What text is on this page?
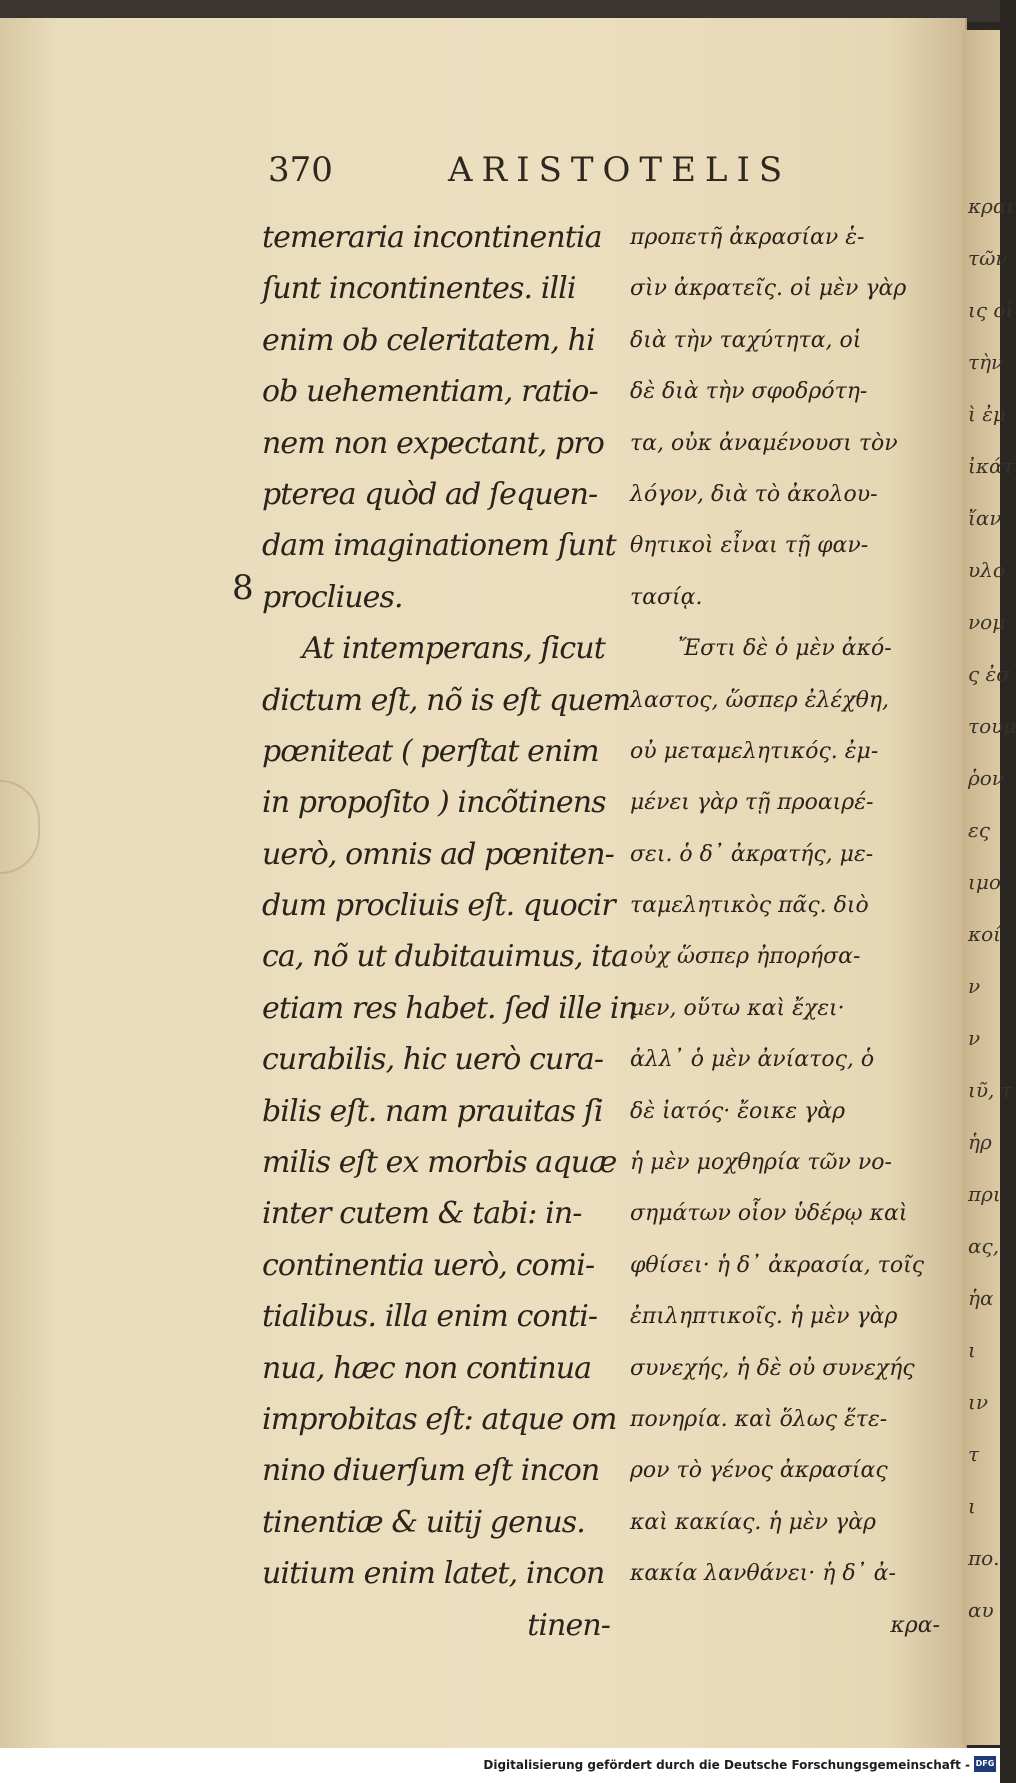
κραι
τῶν
ις οἱ
τὴν
ὶ ἐμ
ἰκάτ
ἴαν
υλο
νομ
ς ἐσ
τουμ
ῥον
ες
ιμο
κοί
ν
ν
ιῦ, τ
ἡρ
πρι
ας,
ἡα
ι
ιν
τ
ι
πο.
αυ
370	ARISTOTELIS
8
temeraria incontinentia
ſunt incontinentes. illi
enim ob celeritatem, hi
ob uehementiam, ratio-
nem non expectant, pro
pterea quòd ad ſequen-
dam imaginationem ſunt
procliues.
At intemperans, ſicut
dictum eſt, nõ is eſt quem
pœniteat ( perſtat enim
in propoſito ) incõtinens
uerò, omnis ad pœniten-
dum procliuis eſt. quocir
ca, nõ ut dubitauimus, ita
etiam res habet. ſed ille in
curabilis, hic uerò cura-
bilis eſt. nam prauitas ſi
milis eſt ex morbis aquæ
inter cutem & tabi: in-
continentia uerò, comi-
tialibus. illa enim conti-
nua, hæc non continua
improbitas eſt: atque om
nino diuerſum eſt incon
tinentiæ & uitij genus.
uitium enim latet, incon
tinen-
προπετῆ ἀκρασίαν ἑ-
σὶν ἀκρατεῖς. οἱ μὲν γὰρ
διὰ τὴν ταχύτητα, οἱ
δὲ διὰ τὴν σφοδρότη-
τα, οὐκ ἀναμένουσι τὸν
λόγον, διὰ τὸ ἀκολου-
θητικοὶ εἶναι τῇ φαν-
τασίᾳ.
Ἔστι δὲ ὁ μὲν ἀκό-
λαστος, ὥσπερ ἐλέχθη,
οὐ μεταμελητικός. ἐμ-
μένει γὰρ τῇ προαιρέ-
σει. ὁ δ᾽ ἀκρατής, με-
ταμελητικὸς πᾶς. διὸ
οὐχ ὥσπερ ἠπορήσα-
μεν, οὕτω καὶ ἔχει·
ἀλλ᾽ ὁ μὲν ἀνίατος, ὁ
δὲ ἰατός· ἔοικε γὰρ
ἡ μὲν μοχθηρία τῶν νο-
σημάτων οἷον ὑδέρῳ καὶ
φθίσει· ἡ δ᾽ ἀκρασία, τοῖς
ἐπιληπτικοῖς. ἡ μὲν γὰρ
συνεχής, ἡ δὲ οὐ συνεχής
πονηρία. καὶ ὅλως ἕτε-
ρον τὸ γένος ἀκρασίας
καὶ κακίας. ἡ μὲν γὰρ
κακία λανθάνει· ἡ δ᾽ ἀ-
κρα-
Digitalisierung gefördert durch die Deutsche Forschungsgemeinschaft - DFG
